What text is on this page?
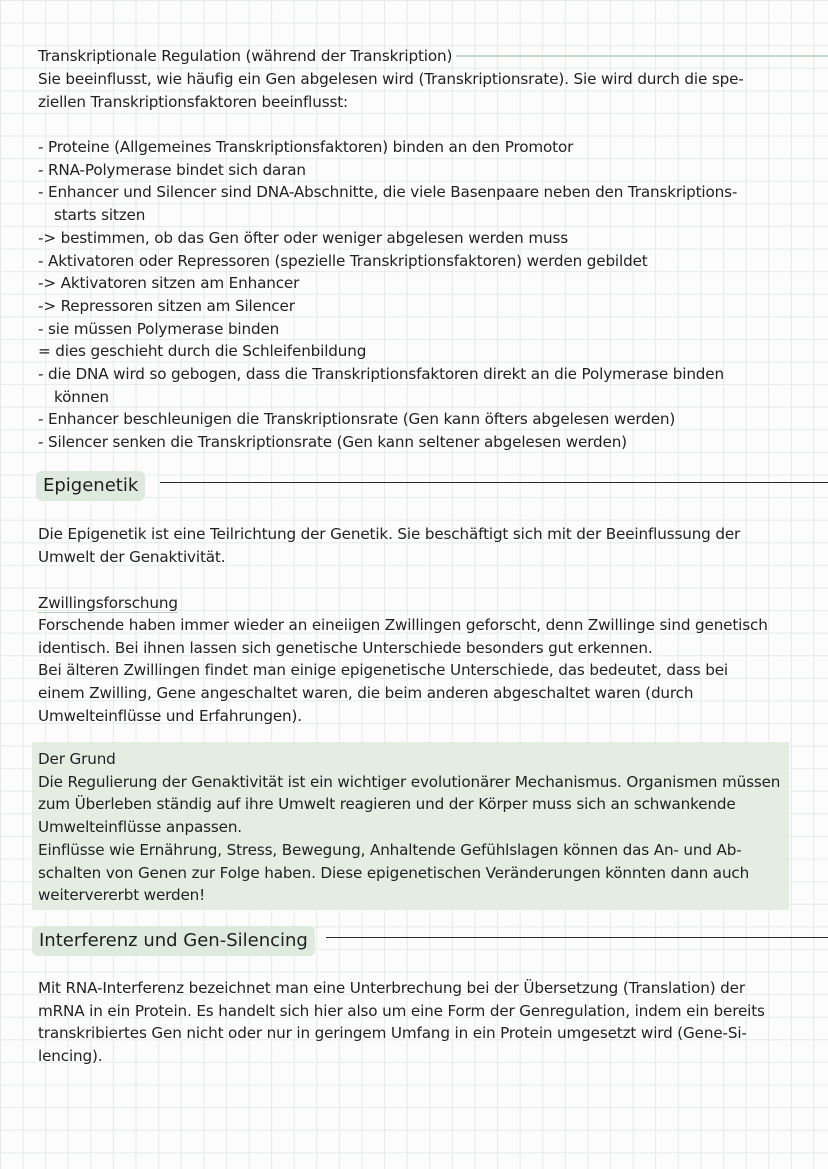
Transkriptionale Regulation (während der Transkription)
Sie beeinflusst, wie häufig ein Gen abgelesen wird (Transkriptionsrate). Sie wird durch die spe-
ziellen Transkriptionsfaktoren beeinflusst:
- Proteine (Allgemeines Transkriptionsfaktoren) binden an den Promotor
- RNA-Polymerase bindet sich daran
- Enhancer und Silencer sind DNA-Abschnitte, die viele Basenpaare neben den Transkriptions-
starts sitzen
-> bestimmen, ob das Gen öfter oder weniger abgelesen werden muss
- Aktivatoren oder Repressoren (spezielle Transkriptionsfaktoren) werden gebildet
-> Aktivatoren sitzen am Enhancer
-> Repressoren sitzen am Silencer
- sie müssen Polymerase binden
= dies geschieht durch die Schleifenbildung
- die DNA wird so gebogen, dass die Transkriptionsfaktoren direkt an die Polymerase binden
können
- Enhancer beschleunigen die Transkriptionsrate (Gen kann öfters abgelesen werden)
- Silencer senken die Transkriptionsrate (Gen kann seltener abgelesen werden)
Epigenetik
Die Epigenetik ist eine Teilrichtung der Genetik. Sie beschäftigt sich mit der Beeinflussung der
Umwelt der Genaktivität.
Zwillingsforschung
Forschende haben immer wieder an eineiigen Zwillingen geforscht, denn Zwillinge sind genetisch
identisch. Bei ihnen lassen sich genetische Unterschiede besonders gut erkennen.
Bei älteren Zwillingen findet man einige epigenetische Unterschiede, das bedeutet, dass bei
einem Zwilling, Gene angeschaltet waren, die beim anderen abgeschaltet waren (durch
Umwelteinflüsse und Erfahrungen).
Der Grund
Die Regulierung der Genaktivität ist ein wichtiger evolutionärer Mechanismus. Organismen müssen
zum Überleben ständig auf ihre Umwelt reagieren und der Körper muss sich an schwankende
Umwelteinflüsse anpassen.
Einflüsse wie Ernährung, Stress, Bewegung, Anhaltende Gefühlslagen können das An- und Ab-
schalten von Genen zur Folge haben. Diese epigenetischen Veränderungen könnten dann auch
weitervererbt werden!
Interferenz und Gen-Silencing
Mit RNA-Interferenz bezeichnet man eine Unterbrechung bei der Übersetzung (Translation) der
mRNA in ein Protein. Es handelt sich hier also um eine Form der Genregulation, indem ein bereits
transkribiertes Gen nicht oder nur in geringem Umfang in ein Protein umgesetzt wird (Gene-Si-
lencing).
